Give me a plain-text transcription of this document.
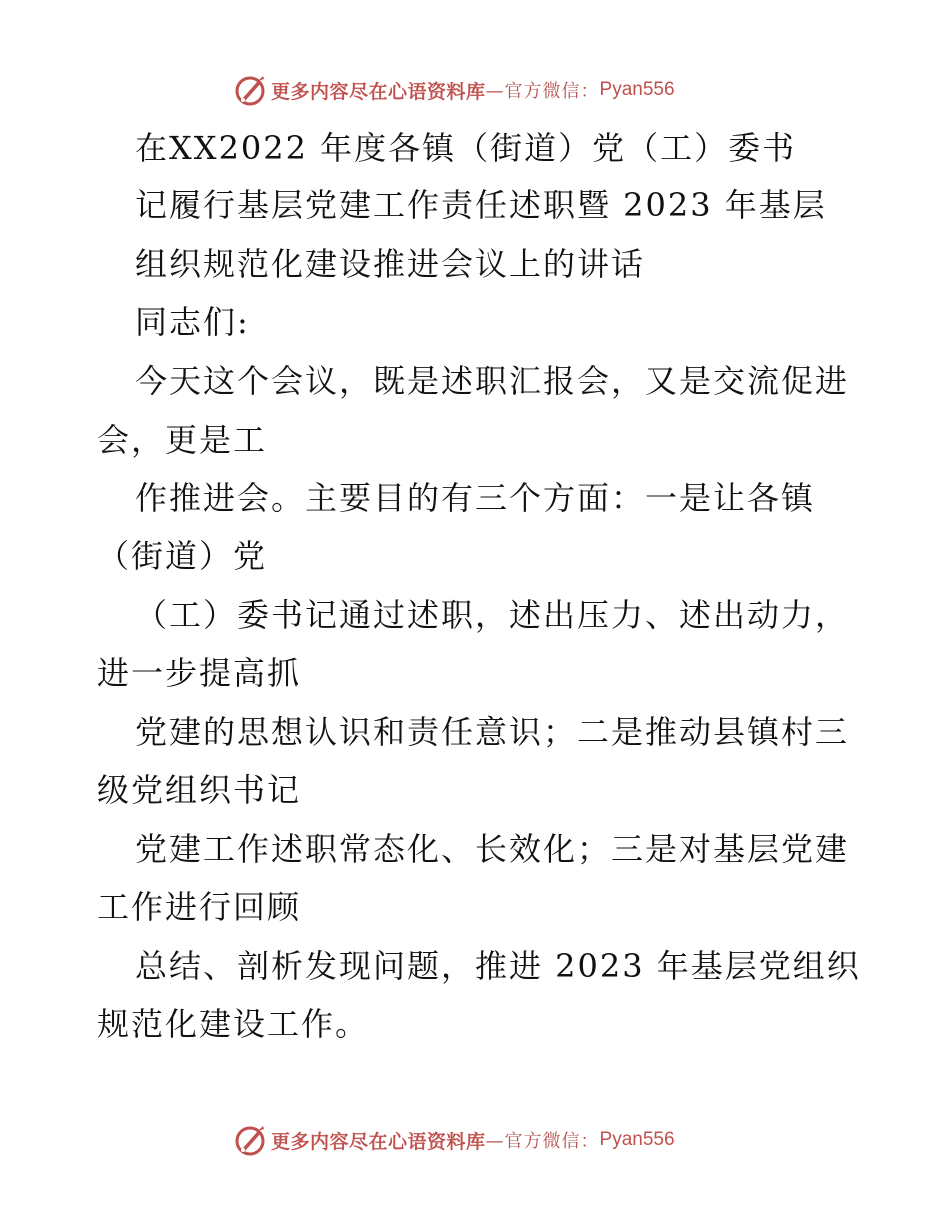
更多内容尽在心语资料库 —官方微信： Pyan556
在XX2022 年度各镇（街道）党（工）委书
记履行基层党建工作责任述职暨 2023 年基层
组织规范化建设推进会议上的讲话
同志们:
今天这个会议，既是述职汇报会，又是交流促进
会，更是工
作推进会。主要目的有三个方面：一是让各镇
（街道）党
（工）委书记通过述职，述出压力、述出动力，
进一步提高抓
党建的思想认识和责任意识；二是推动县镇村三
级党组织书记
党建工作述职常态化、长效化；三是对基层党建
工作进行回顾
总结、剖析发现问题，推进 2023 年基层党组织
规范化建设工作。
更多内容尽在心语资料库 —官方微信： Pyan556
